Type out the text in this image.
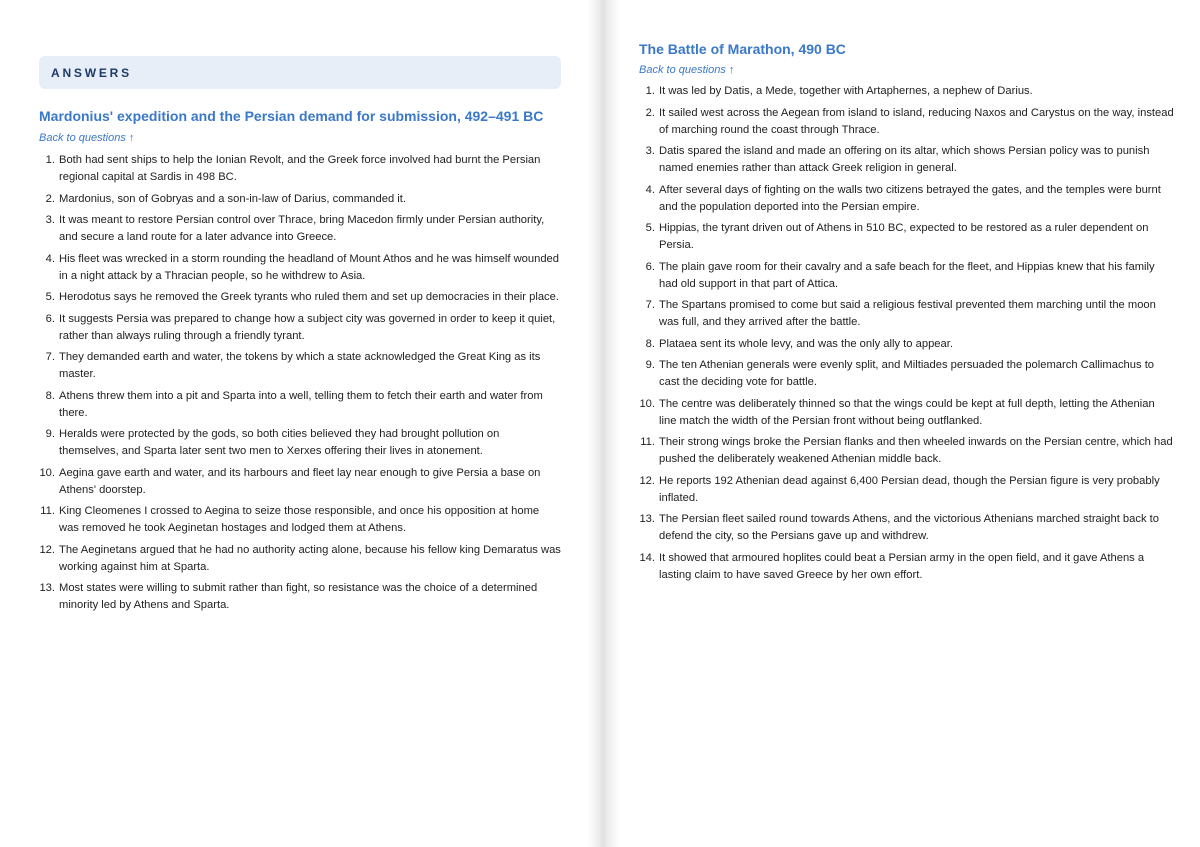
ANSWERS
Mardonius' expedition and the Persian demand for submission, 492–491 BC
Back to questions ↑
1. Both had sent ships to help the Ionian Revolt, and the Greek force involved had burnt the Persian regional capital at Sardis in 498 BC.
2. Mardonius, son of Gobryas and a son-in-law of Darius, commanded it.
3. It was meant to restore Persian control over Thrace, bring Macedon firmly under Persian authority, and secure a land route for a later advance into Greece.
4. His fleet was wrecked in a storm rounding the headland of Mount Athos and he was himself wounded in a night attack by a Thracian people, so he withdrew to Asia.
5. Herodotus says he removed the Greek tyrants who ruled them and set up democracies in their place.
6. It suggests Persia was prepared to change how a subject city was governed in order to keep it quiet, rather than always ruling through a friendly tyrant.
7. They demanded earth and water, the tokens by which a state acknowledged the Great King as its master.
8. Athens threw them into a pit and Sparta into a well, telling them to fetch their earth and water from there.
9. Heralds were protected by the gods, so both cities believed they had brought pollution on themselves, and Sparta later sent two men to Xerxes offering their lives in atonement.
10. Aegina gave earth and water, and its harbours and fleet lay near enough to give Persia a base on Athens' doorstep.
11. King Cleomenes I crossed to Aegina to seize those responsible, and once his opposition at home was removed he took Aeginetan hostages and lodged them at Athens.
12. The Aeginetans argued that he had no authority acting alone, because his fellow king Demaratus was working against him at Sparta.
13. Most states were willing to submit rather than fight, so resistance was the choice of a determined minority led by Athens and Sparta.
The Battle of Marathon, 490 BC
Back to questions ↑
1. It was led by Datis, a Mede, together with Artaphernes, a nephew of Darius.
2. It sailed west across the Aegean from island to island, reducing Naxos and Carystus on the way, instead of marching round the coast through Thrace.
3. Datis spared the island and made an offering on its altar, which shows Persian policy was to punish named enemies rather than attack Greek religion in general.
4. After several days of fighting on the walls two citizens betrayed the gates, and the temples were burnt and the population deported into the Persian empire.
5. Hippias, the tyrant driven out of Athens in 510 BC, expected to be restored as a ruler dependent on Persia.
6. The plain gave room for their cavalry and a safe beach for the fleet, and Hippias knew that his family had old support in that part of Attica.
7. The Spartans promised to come but said a religious festival prevented them marching until the moon was full, and they arrived after the battle.
8. Plataea sent its whole levy, and was the only ally to appear.
9. The ten Athenian generals were evenly split, and Miltiades persuaded the polemarch Callimachus to cast the deciding vote for battle.
10. The centre was deliberately thinned so that the wings could be kept at full depth, letting the Athenian line match the width of the Persian front without being outflanked.
11. Their strong wings broke the Persian flanks and then wheeled inwards on the Persian centre, which had pushed the deliberately weakened Athenian middle back.
12. He reports 192 Athenian dead against 6,400 Persian dead, though the Persian figure is very probably inflated.
13. The Persian fleet sailed round towards Athens, and the victorious Athenians marched straight back to defend the city, so the Persians gave up and withdrew.
14. It showed that armoured hoplites could beat a Persian army in the open field, and it gave Athens a lasting claim to have saved Greece by her own effort.
